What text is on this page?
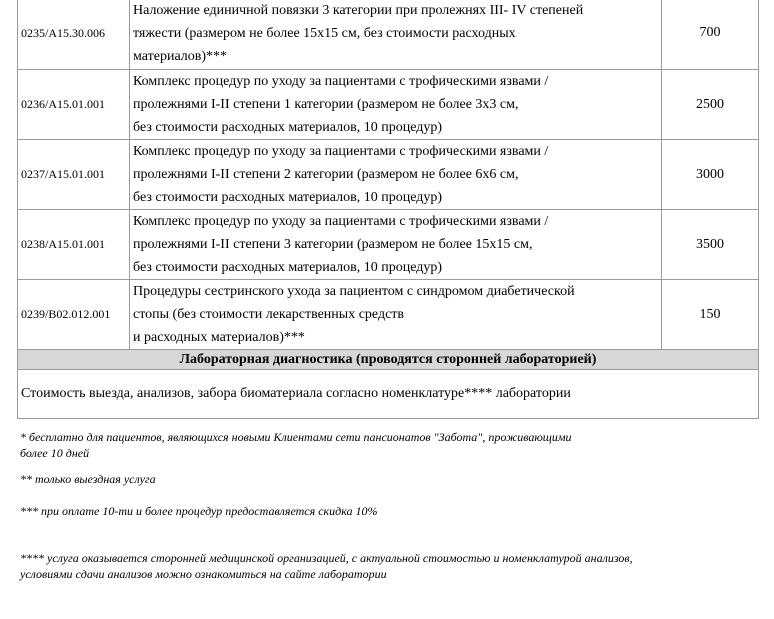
0235/A15.30.006	Наложение единичной повязки 3 категории при пролежнях III- IV степеней
тяжести (размером не более 15х15 см, без стоимости расходных
материалов)***	700
0236/A15.01.001	Комплекс процедур по уходу за пациентами с трофическими язвами /
пролежнями I-II степени 1 категории (размером не более 3х3 см,
без стоимости расходных материалов, 10 процедур)	2500
0237/A15.01.001	Комплекс процедур по уходу за пациентами с трофическими язвами /
пролежнями I-II степени 2 категории (размером не более 6х6 см,
без стоимости расходных материалов, 10 процедур)	3000
0238/A15.01.001	Комплекс процедур по уходу за пациентами с трофическими язвами /
пролежнями I-II степени 3 категории (размером не более 15х15 см,
без стоимости расходных материалов, 10 процедур)	3500
0239/B02.012.001	Процедуры сестринского ухода за пациентом с синдромом диабетической
стопы (без стоимости лекарственных средств
и расходных материалов)***	150
Лабораторная диагностика (проводятся сторонней лабораторией)		
Стоимость выезда, анализов, забора биоматериала согласно номенклатуре**** лаборатории		
* бесплатно для пациентов, являющихся новыми Клиентами сети пансионатов "Забота", проживающими
более 10 дней
** только выездная услуга
*** при оплате 10-ти и более процедур предоставляется скидка 10%
**** услуга оказывается сторонней медицинской организацией, с актуальной стоимостью и номенклатурой анализов,
условиями сдачи анализов можно ознакомиться на сайте лаборатории
